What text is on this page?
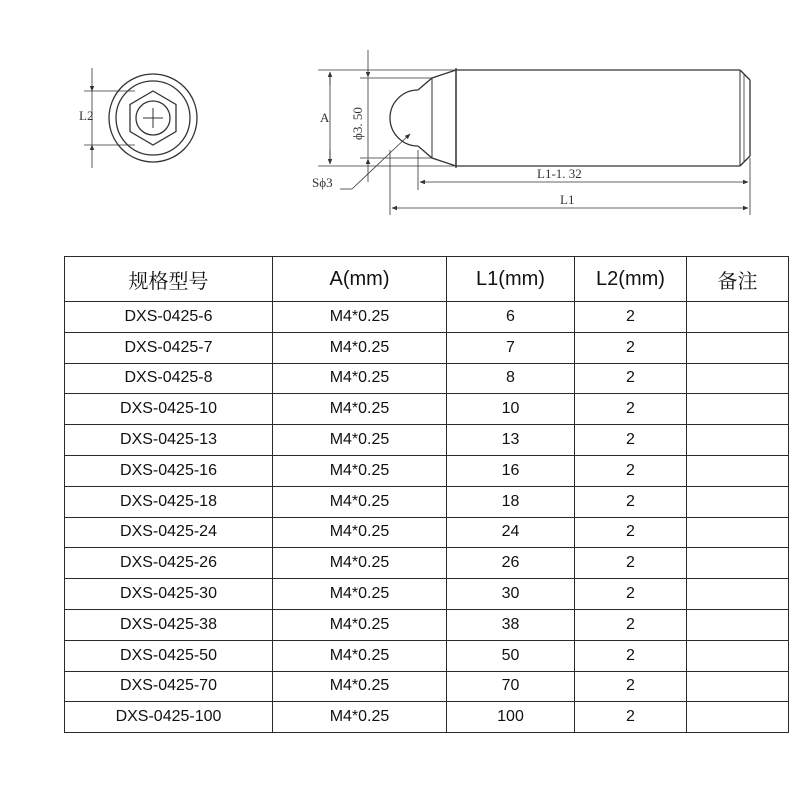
L2	A ϕ3. 50
Sϕ3
L1-1. 32
L1
规格型号	A(mm)	L1(mm)	L2(mm)	备注
DXS-0425-6	M4*0.25	6	2	
DXS-0425-7	M4*0.25	7	2	
DXS-0425-8	M4*0.25	8	2	
DXS-0425-10	M4*0.25	10	2	
DXS-0425-13	M4*0.25	13	2	
DXS-0425-16	M4*0.25	16	2	
DXS-0425-18	M4*0.25	18	2	
DXS-0425-24	M4*0.25	24	2	
DXS-0425-26	M4*0.25	26	2	
DXS-0425-30	M4*0.25	30	2	
DXS-0425-38	M4*0.25	38	2	
DXS-0425-50	M4*0.25	50	2	
DXS-0425-70	M4*0.25	70	2	
DXS-0425-100	M4*0.25	100	2	
